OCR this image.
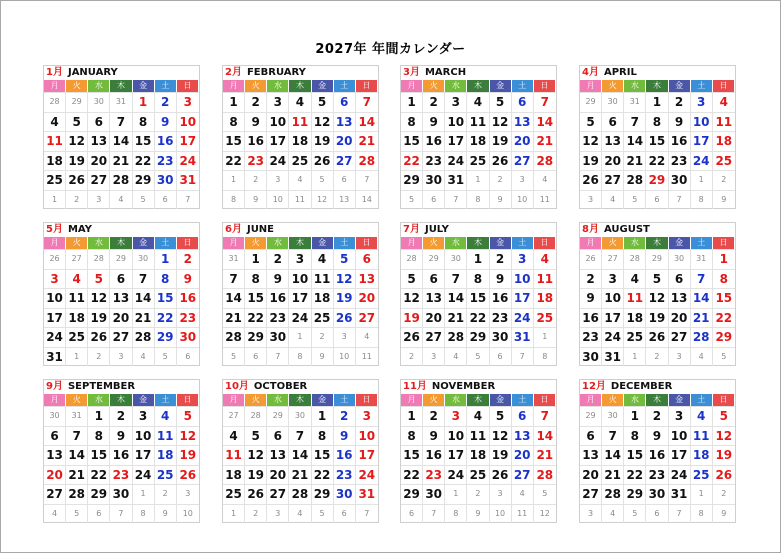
2027年 年間カレンダー
1月 JANUARY
月	火	水	木	金	土	日
28	29	30	31	1	2	3
4	5	6	7	8	9 10
11 12 13 14 15 16 17
18 19 20 21 22 23 24
25 26 27 28 29 30 31
1	2	3	4	5	6	7
2月 FEBRUARY
月	火	水	木	金	土	日
1	2	3	4	5	6	7
8	9 10 11 12 13 14
15 16 17 18 19 20 21
22 23 24 25 26 27 28
1	2	3	4	5	6	7
8	9	10	11	12	13	14
3月 MARCH
月	火	水	木	金	土	日
1	2	3	4	5	6	7
8	9 10 11 12 13 14
15 16 17 18 19 20 21
22 23 24 25 26 27 28
29 30 31	1	2	3	4
5	6	7	8	9	10	11
4月 APRIL
月	火	水	木	金	土	日
29	30	31	1	2	3	4
5	6	7	8	9 10 11
12 13 14 15 16 17 18
19 20 21 22 23 24 25
26 27 28 29 30	1	2
3	4	5	6	7	8	9
5月 MAY
月	火	水	木	金	土	日
26	27	28	29	30	1	2
3	4	5	6	7	8	9
10 11 12 13 14 15 16
17 18 19 20 21 22 23
24 25 26 27 28 29 30
31	1	2	3	4	5	6
6月 JUNE
月	火	水	木	金	土	日
31	1	2	3	4	5	6
7	8	9 10 11 12 13
14 15 16 17 18 19 20
21 22 23 24 25 26 27
28 29 30	1	2	3	4
5	6	7	8	9	10	11
7月 JULY
月	火	水	木	金	土	日
28	29	30	1	2	3	4
5	6	7	8	9 10 11
12 13 14 15 16 17 18
19 20 21 22 23 24 25
26 27 28 29 30 31	1
2	3	4	5	6	7	8
8月 AUGUST
月	火	水	木	金	土	日
26	27	28	29	30	31	1
2	3	4	5	6	7	8
9 10 11 12 13 14 15
16 17 18 19 20 21 22
23 24 25 26 27 28 29
30 31	1	2	3	4	5
9月 SEPTEMBER
月	火	水	木	金	土	日
30	31	1	2	3	4	5
6	7	8	9 10 11 12
13 14 15 16 17 18 19
20 21 22 23 24 25 26
27 28 29 30	1	2	3
4	5	6	7	8	9	10
10月 OCTOBER
月	火	水	木	金	土	日
27	28	29	30	1	2	3
4	5	6	7	8	9 10
11 12 13 14 15 16 17
18 19 20 21 22 23 24
25 26 27 28 29 30 31
1	2	3	4	5	6	7
11月 NOVEMBER
月	火	水	木	金	土	日
1	2	3	4	5	6	7
8	9 10 11 12 13 14
15 16 17 18 19 20 21
22 23 24 25 26 27 28
29 30	1	2	3	4	5
6	7	8	9	10	11	12
12月 DECEMBER
月	火	水	木	金	土	日
29	30	1	2	3	4	5
6	7	8	9 10 11 12
13 14 15 16 17 18 19
20 21 22 23 24 25 26
27 28 29 30 31	1	2
3	4	5	6	7	8	9
